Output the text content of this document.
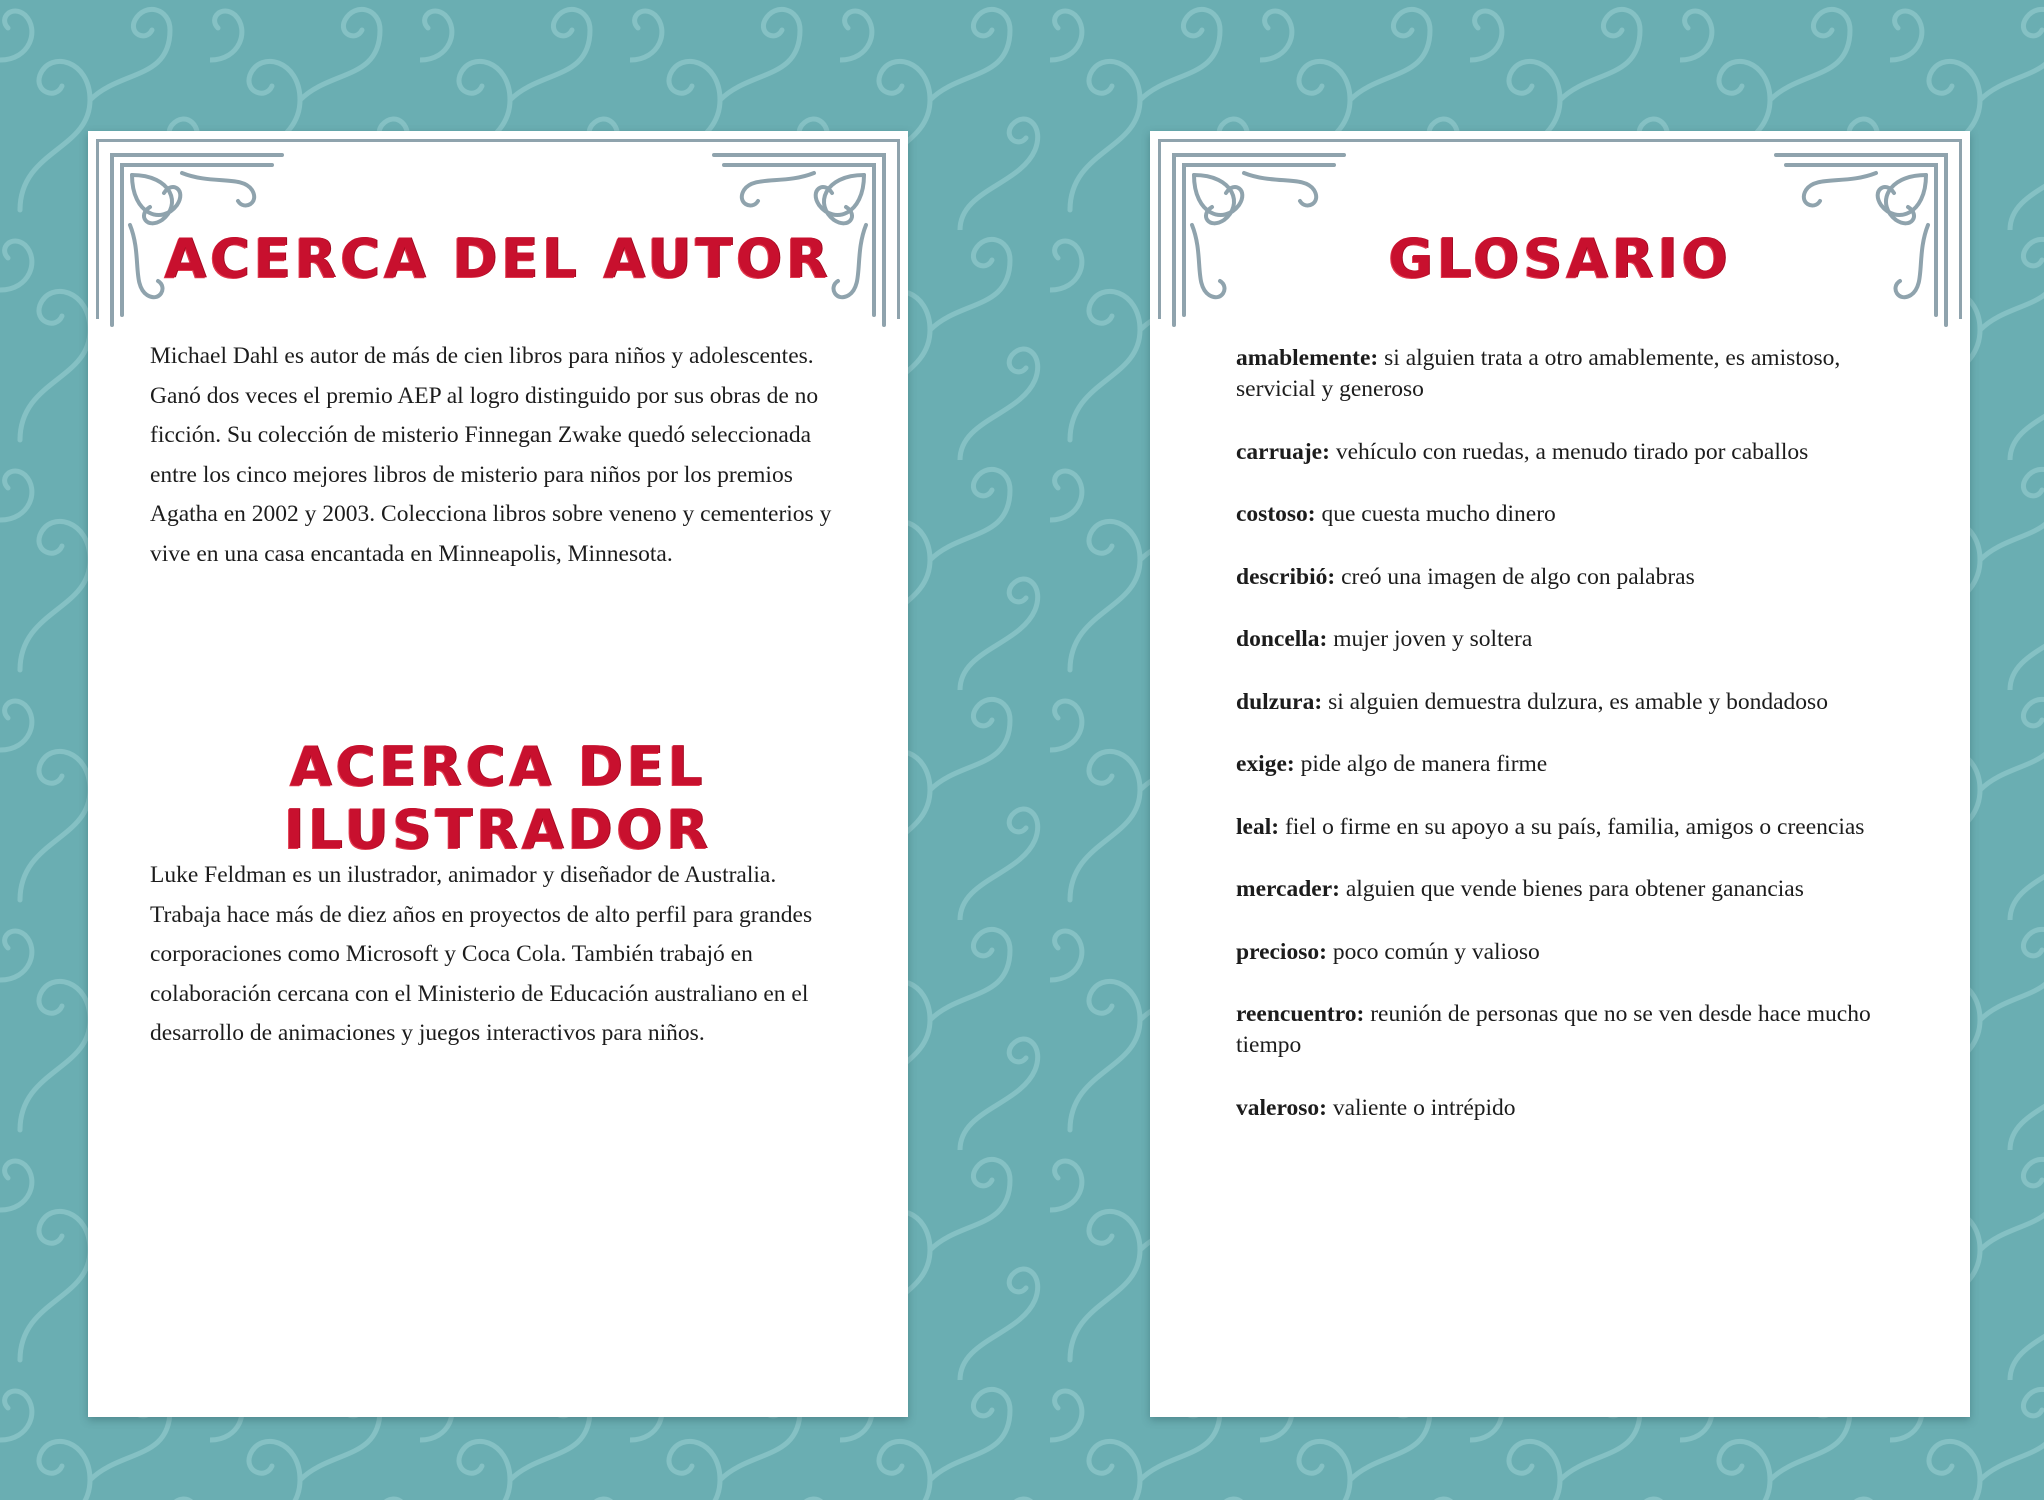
ACERCA DEL AUTOR

Michael Dahl es autor de más de cien libros para niños y adolescentes. Ganó dos veces el premio AEP al logro distinguido por sus obras de no ficción. Su colección de misterio Finnegan Zwake quedó seleccionada entre los cinco mejores libros de misterio para niños por los premios Agatha en 2002 y 2003. Colecciona libros sobre veneno y cementerios y vive en una casa encantada en Minneapolis, Minnesota.

ACERCA DEL ILUSTRADOR

Luke Feldman es un ilustrador, animador y diseñador de Australia. Trabaja hace más de diez años en proyectos de alto perfil para grandes corporaciones como Microsoft y Coca Cola. También trabajó en colaboración cercana con el Ministerio de Educación australiano en el desarrollo de animaciones y juegos interactivos para niños.

GLOSARIO
amablemente: si alguien trata a otro amablemente, es amistoso, servicial y generoso
carruaje: vehículo con ruedas, a menudo tirado por caballos
costoso: que cuesta mucho dinero
describió: creó una imagen de algo con palabras
doncella: mujer joven y soltera
dulzura: si alguien demuestra dulzura, es amable y bondadoso
exige: pide algo de manera firme
leal: fiel o firme en su apoyo a su país, familia, amigos o creencias
mercader: alguien que vende bienes para obtener ganancias
precioso: poco común y valioso
reencuentro: reunión de personas que no se ven desde hace mucho tiempo
valeroso: valiente o intrépido
